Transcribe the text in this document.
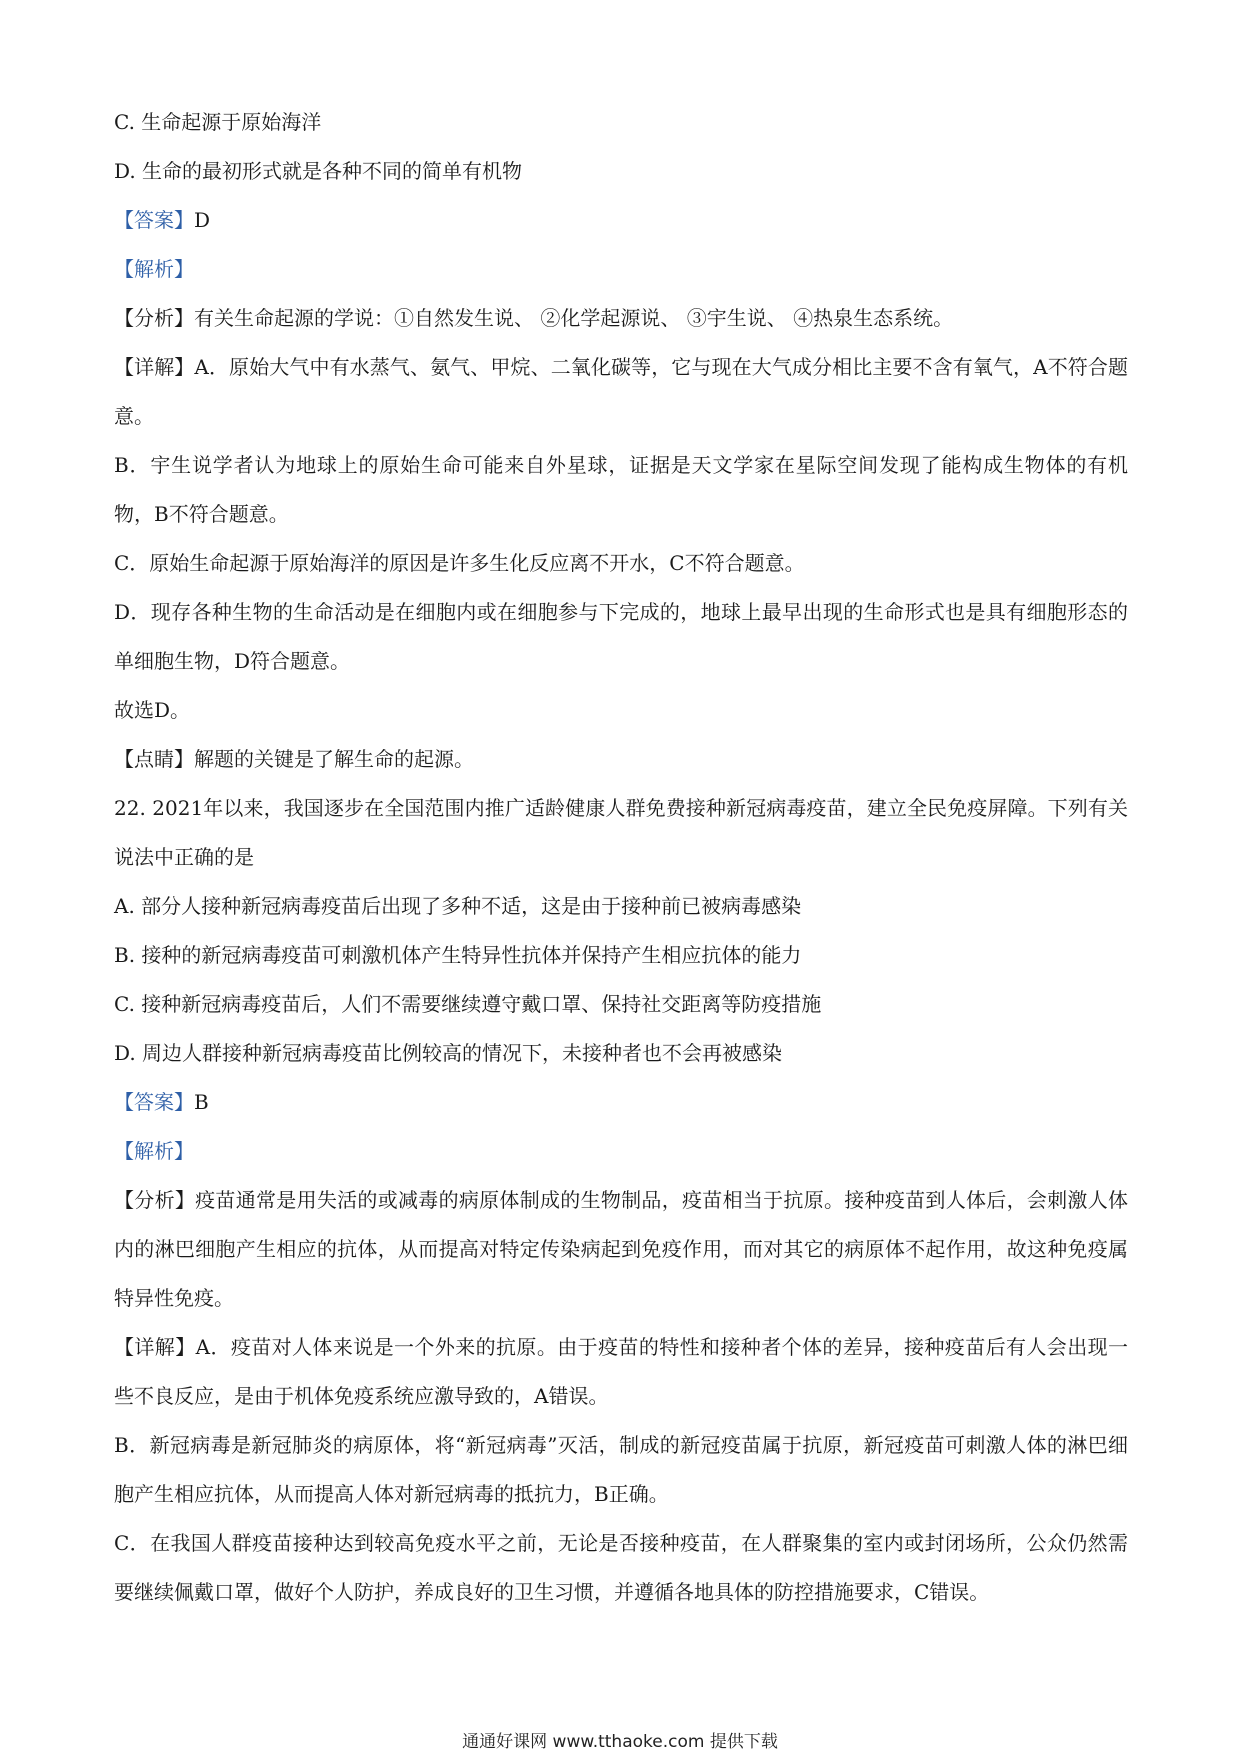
C. 生命起源于原始海洋

D. 生命的最初形式就是各种不同的简单有机物

【答案】D

【解析】

【分析】有关生命起源的学说：①自然发生说、 ②化学起源说、 ③宇生说、 ④热泉生态系统。

【详解】A．原始大气中有水蒸气、氨气、甲烷、二氧化碳等，它与现在大气成分相比主要不含有氧气，A不符合题意。

B．宇生说学者认为地球上的原始生命可能来自外星球，证据是天文学家在星际空间发现了能构成生物体的有机物，B不符合题意。

C．原始生命起源于原始海洋的原因是许多生化反应离不开水，C不符合题意。

D．现存各种生物的生命活动是在细胞内或在细胞参与下完成的，地球上最早出现的生命形式也是具有细胞形态的单细胞生物，D符合题意。

故选D。

【点睛】解题的关键是了解生命的起源。

22. 2021年以来，我国逐步在全国范围内推广适龄健康人群免费接种新冠病毒疫苗，建立全民免疫屏障。下列有关说法中正确的是

A. 部分人接种新冠病毒疫苗后出现了多种不适，这是由于接种前已被病毒感染

B. 接种的新冠病毒疫苗可刺激机体产生特异性抗体并保持产生相应抗体的能力

C. 接种新冠病毒疫苗后，人们不需要继续遵守戴口罩、保持社交距离等防疫措施

D. 周边人群接种新冠病毒疫苗比例较高的情况下，未接种者也不会再被感染

【答案】B

【解析】

【分析】疫苗通常是用失活的或减毒的病原体制成的生物制品，疫苗相当于抗原。接种疫苗到人体后，会刺激人体内的淋巴细胞产生相应的抗体，从而提高对特定传染病起到免疫作用，而对其它的病原体不起作用，故这种免疫属特异性免疫。

【详解】A．疫苗对人体来说是一个外来的抗原。由于疫苗的特性和接种者个体的差异，接种疫苗后有人会出现一些不良反应，是由于机体免疫系统应激导致的，A错误。

B．新冠病毒是新冠肺炎的病原体，将“新冠病毒”灭活，制成的新冠疫苗属于抗原，新冠疫苗可刺激人体的淋巴细胞产生相应抗体，从而提高人体对新冠病毒的抵抗力，B正确。

C．在我国人群疫苗接种达到较高免疫水平之前，无论是否接种疫苗，在人群聚集的室内或封闭场所，公众仍然需要继续佩戴口罩，做好个人防护，养成良好的卫生习惯，并遵循各地具体的防控措施要求，C错误。

通通好课网 www.tthaoke.com 提供下载
